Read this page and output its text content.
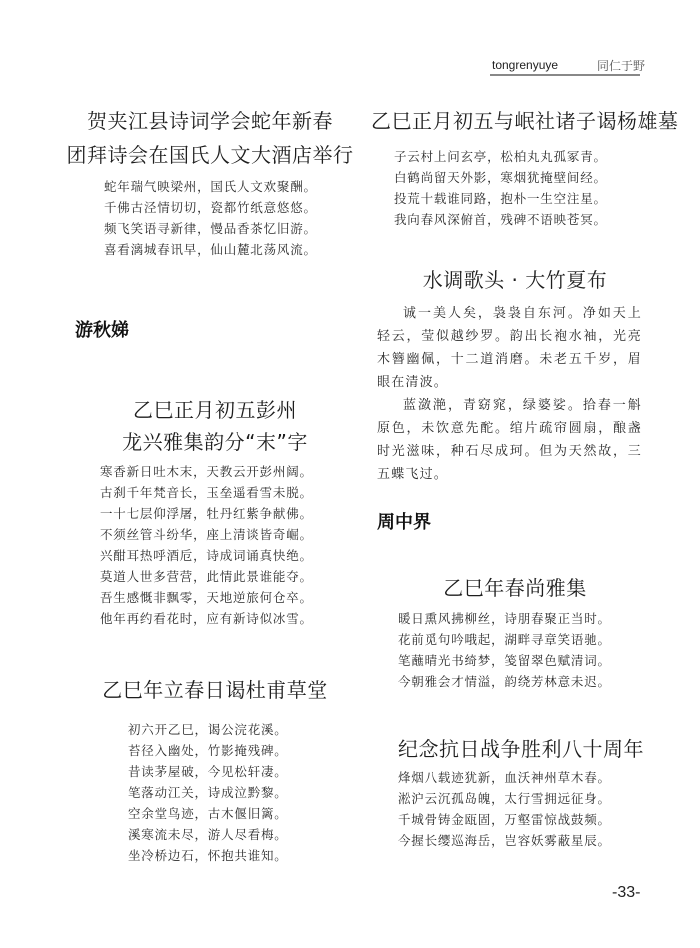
tongrenyuye	同仁于野
贺夹江县诗词学会蛇年新春
团拜诗会在国氏人文大酒店举行
蛇年瑞气映梁州，国氏人文欢聚酬。
千佛古泾情切切，瓷都竹纸意悠悠。
频飞笑语寻新律，慢品香茶忆旧游。
喜看漓城春讯早，仙山麓北荡风流。
游秋娣
乙巳正月初五彭州
龙兴雅集韵分“末”字
寒香新日吐木末，天教云开彭州阔。
古刹千年梵音长，玉垒遥看雪未脱。
一十七层仰浮屠，牡丹红紫争献佛。
不须丝管斗纷华，座上清谈皆奇崛。
兴酣耳热呼酒卮，诗成词诵真快绝。
莫道人世多营营，此情此景谁能夺。
吾生感慨非飘零，天地逆旅何仓卒。
他年再约看花时，应有新诗似冰雪。
乙巳年立春日谒杜甫草堂
初六开乙巳，谒公浣花溪。
苔径入幽处，竹影掩残碑。
昔读茅屋破，今见松轩凄。
笔落动江关，诗成泣黔黎。
空余堂鸟迹，古木偃旧篱。
溪寒流未尽，游人尽看梅。
坐冷桥边石，怀抱共谁知。
乙巳正月初五与岷社诸子谒杨雄墓
子云村上问玄亭，松柏丸丸孤冢青。
白鹤尚留天外影，寒烟犹掩壁间经。
投荒十载谁同路，抱朴一生空注星。
我向春风深俯首，残碑不语映苍冥。
水调歌头 · 大竹夏布

诚一美人矣，袅袅自东河。净如天上轻云，莹似越纱罗。韵出长袍水袖，光亮木簪幽佩，十二道消磨。未老五千岁，眉眼在清波。

蓝潋滟，青窈窕，绿婆娑。拾春一斛原色，未饮意先酡。绾片疏帘圆扇，酿盏时光滋味，种石尽成珂。但为天然故，三五蝶飞过。

周中界
乙巳年春尚雅集
暖日熏风拂柳丝，诗朋春聚正当时。
花前觅句吟哦起，湖畔寻章笑语驰。
笔蘸晴光书绮梦，笺留翠色赋清词。
今朝雅会才情溢，韵绕芳林意未迟。
纪念抗日战争胜利八十周年
烽烟八载迹犹新，血沃神州草木春。
淞沪云沉孤岛魄，太行雪拥远征身。
千城骨铸金瓯固，万壑雷惊战鼓频。
今握长缨巡海岳，岂容妖雾蔽星辰。
-33-
